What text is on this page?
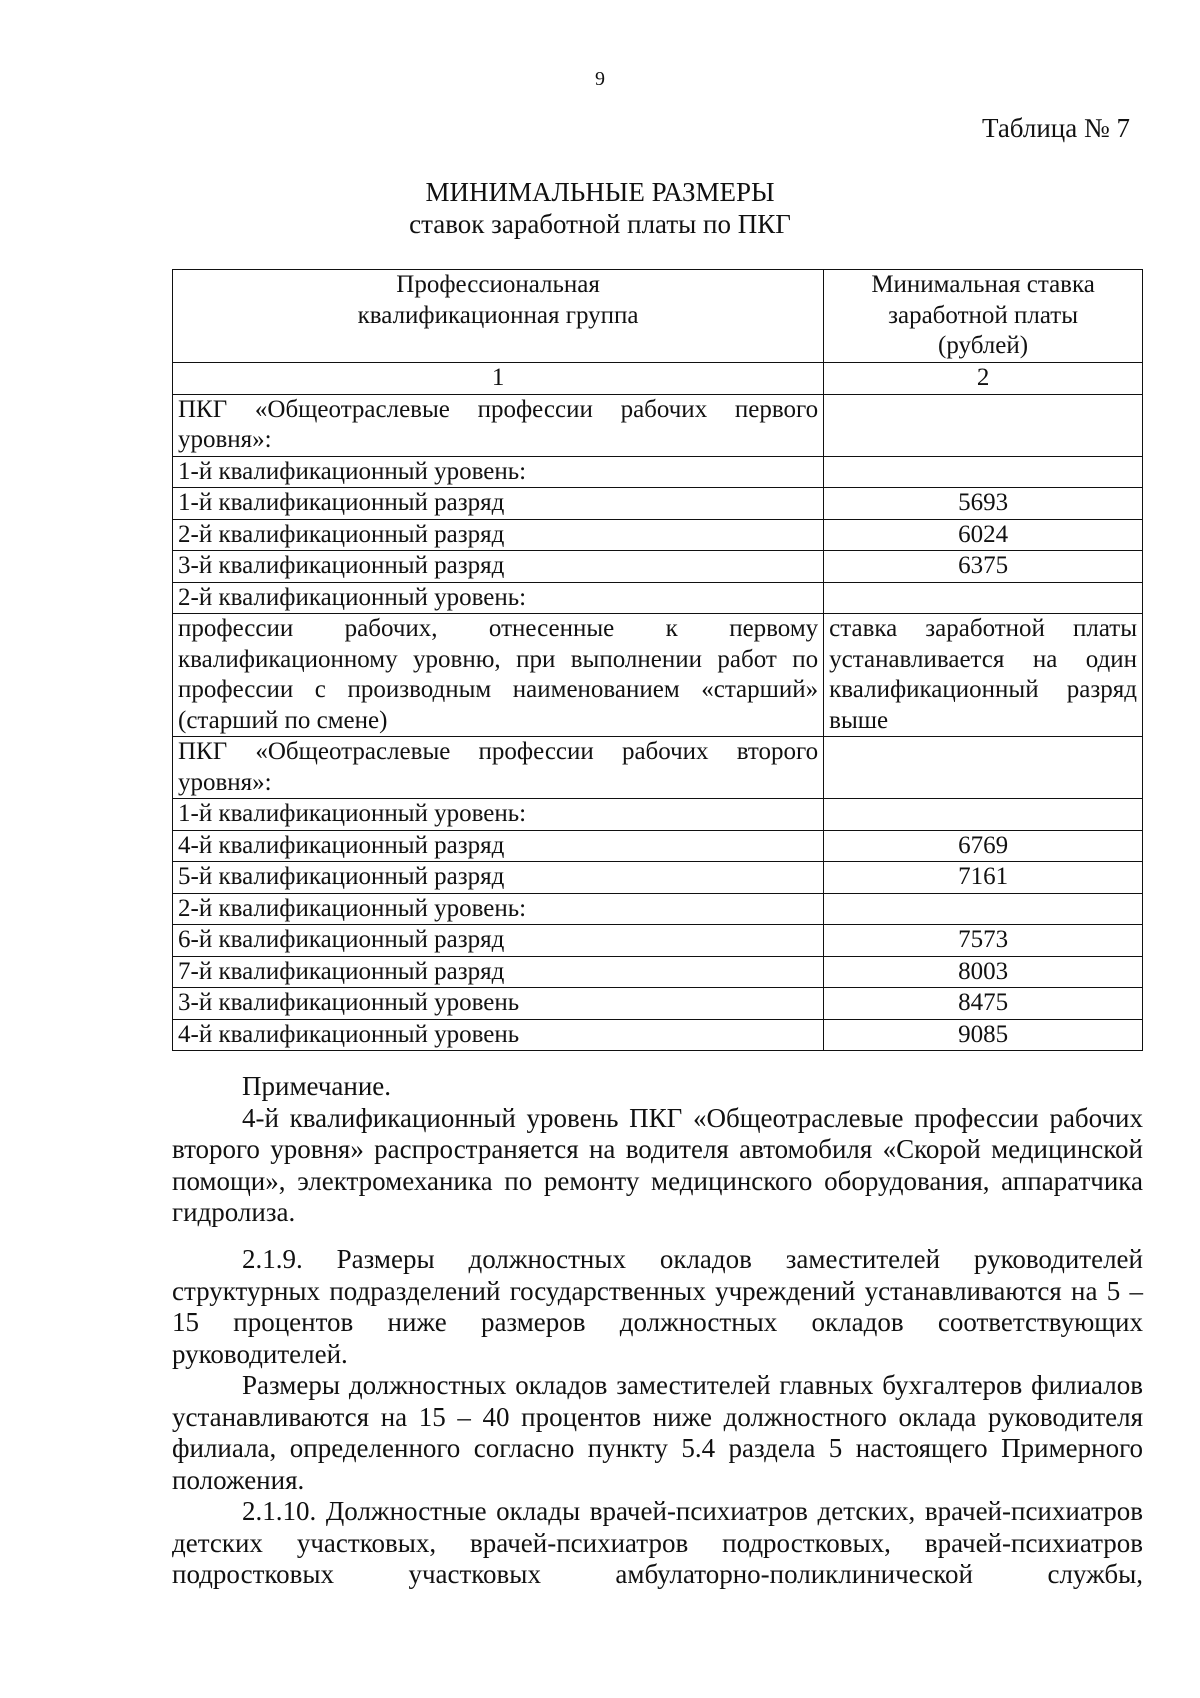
9
Таблица № 7
МИНИМАЛЬНЫЕ РАЗМЕРЫ
ставок заработной платы по ПКГ
Профессиональная квалификационная группа	Минимальная ставка заработной платы (рублей)

1	2
ПКГ «Общеотраслевые профессии рабочих первого уровня»:	
1-й квалификационный уровень:	
1-й квалификационный разряд	5693
2-й квалификационный разряд	6024
3-й квалификационный разряд	6375
2-й квалификационный уровень:	
профессии рабочих, отнесенные к первому квалификационному уровню, при выполнении работ по профессии с производным наименованием «старший» (старший по смене)	ставка заработной платы устанавливается на один квалификационный разряд выше
ПКГ «Общеотраслевые профессии рабочих второго уровня»:	
1-й квалификационный уровень:	
4-й квалификационный разряд	6769
5-й квалификационный разряд	7161
2-й квалификационный уровень:	
6-й квалификационный разряд	7573
7-й квалификационный разряд	8003
3-й квалификационный уровень	8475
4-й квалификационный уровень	9085

Примечание.

4-й квалификационный уровень ПКГ «Общеотраслевые профессии рабочих второго уровня» распространяется на водителя автомобиля «Скорой медицинской помощи», электромеханика по ремонту медицинского оборудования, аппаратчика гидролиза.

2.1.9. Размеры должностных окладов заместителей руководителей структурных подразделений государственных учреждений устанавливаются на 5 – 15 процентов ниже размеров должностных окладов соответствующих руководителей.

Размеры должностных окладов заместителей главных бухгалтеров филиалов устанавливаются на 15 – 40 процентов ниже должностного оклада руководителя филиала, определенного согласно пункту 5.4 раздела 5 настоящего Примерного положения.

2.1.10. Должностные оклады врачей-психиатров детских, врачей-психиатров детских участковых, врачей-психиатров подростковых, врачей-психиатров подростковых участковых амбулаторно-поликлинической службы,
